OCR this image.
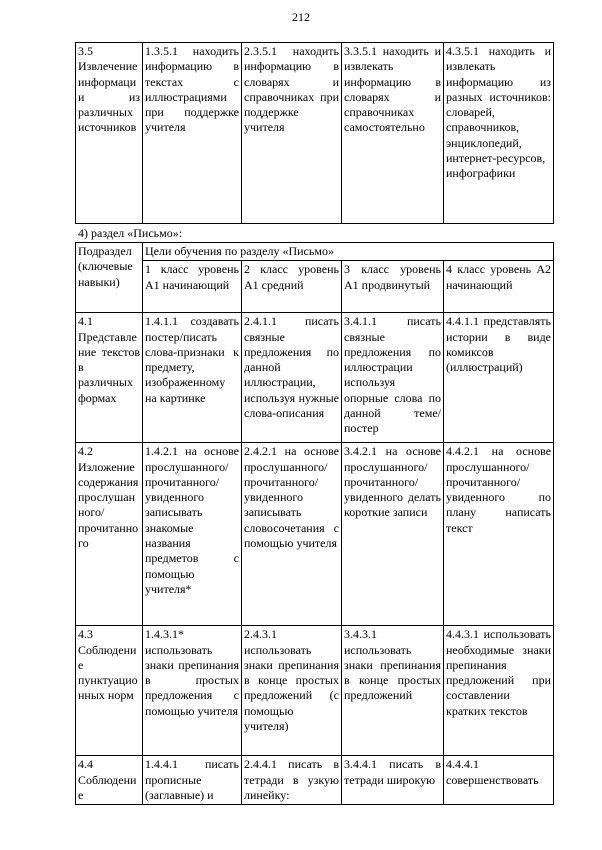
212
3.5 Извлечение информации из различных источников	1.3.5.1 находить информацию в текстах с иллюстрациями при поддержке учителя	2.3.5.1 находить информацию в словарях и справочниках при поддержке учителя	3.3.5.1 находить и извлекать информацию в словарях и справочниках самостоятельно	4.3.5.1 находить и извлекать информацию из разных источников: словарей, справочников, энциклопедий, интернет-ресурсов, инфографики
4) раздел «Письмо»:
Подраздел (ключевые навыки)	Цели обучения по разделу «Письмо»			
	1 класс уровень А1 начинающий	2 класс уровень А1 средний	3 класс уровень А1 продвинутый	4 класс уровень А2 начинающий
4.1 Представление текстов в различных формах	1.4.1.1 создавать постер/писать слова-признаки к предмету, изображенному на картинке	2.4.1.1 писать связные предложения по данной иллюстрации, используя нужные слова-описания	3.4.1.1 писать связные предложения по иллюстрации используя опорные слова по данной теме/постер	4.4.1.1 представлять истории в виде комиксов (иллюстраций)
4.2 Изложение содержания прослушанного/прочитанного	1.4.2.1 на основе прослушанного/прочитанного/увиденного записывать знакомые названия предметов с помощью учителя*	2.4.2.1 на основе прослушанного/прочитанного/увиденного записывать словосочетания с помощью учителя	3.4.2.1 на основе прослушанного/прочитанного/увиденного делать короткие записи	4.4.2.1 на основе прослушанного/прочитанного/увиденного по плану написать текст
4.3 Соблюдение пунктуационных норм	1.4.3.1* использовать знаки препинания в простых предложения с помощью учителя	2.4.3.1 использовать знаки препинания в конце простых предложений (с помощью учителя)	3.4.3.1 использовать знаки препинания в конце простых предложений	4.4.3.1 использовать необходимые знаки препинания предложений при составлении кратких текстов
4.4 Соблюдение	1.4.4.1 писать прописные (заглавные) и	2.4.4.1 писать в тетради в узкую линейку:	3.4.4.1 писать в тетради широкую	4.4.4.1 совершенствовать
